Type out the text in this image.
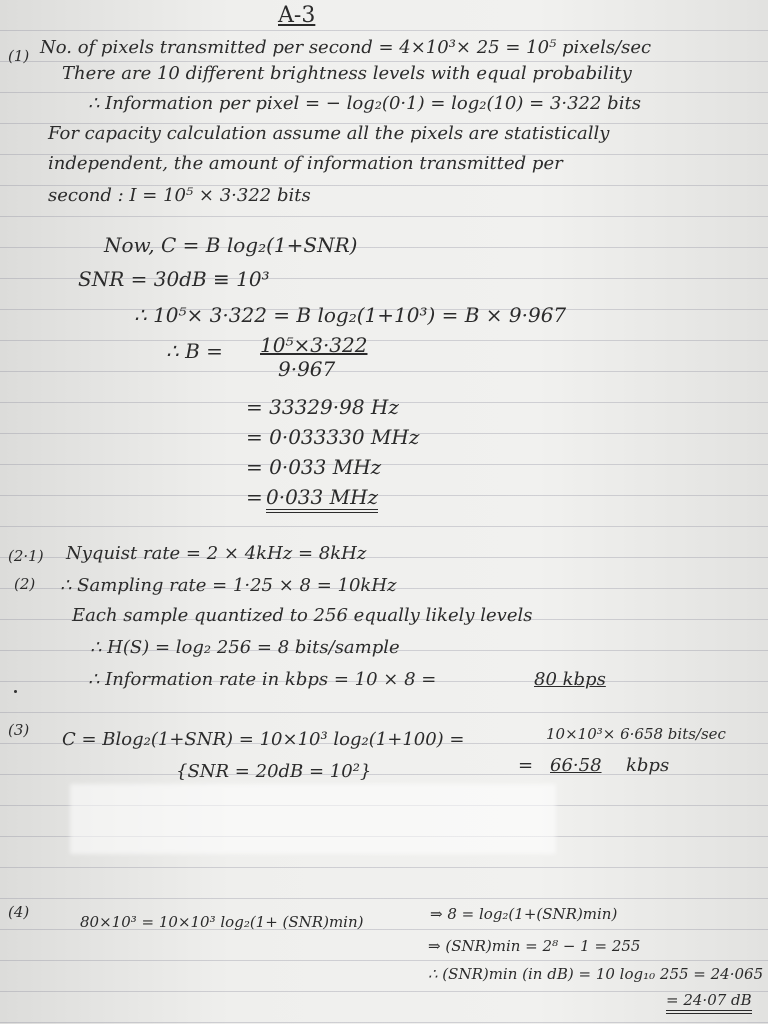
A-3
(1) No. of pixels transmitted per second = 4×10³× 25 = 10⁵ pixels/sec
There are 10 different brightness levels with equal probability
∴ Information per pixel = − log₂(0·1) = log₂(10) = 3·322 bits
For capacity calculation assume all the pixels are statistically
independent, the amount of information transmitted per
second : I = 10⁵ × 3·322 bits
Now, C = B log₂(1+SNR)
SNR = 30dB ≡ 10³
∴ 10⁵× 3·322 = B log₂(1+10³) = B × 9·967
∴ B = 10⁵×3·322
9·967
= 33329·98 Hz
= 0·033330 MHz
= 0·033 MHz
= 0·033 MHz
(2·1) Nyquist rate = 2 × 4kHz = 8kHz
(2) ∴ Sampling rate = 1·25 × 8 = 10kHz
Each sample quantized to 256 equally likely levels
∴ H(S) = log₂ 256 = 8 bits/sample
∴ Information rate in kbps = 10 × 8 =	80 kbps
(3) C = Blog₂(1+SNR) = 10×10³ log₂(1+100) =	10×10³× 6·658 bits/sec
{SNR = 20dB = 10²}	= 66·58 kbps
(4)
80×10³ = 10×10³ log₂(1+ (SNR)min)	⇒ 8 = log₂(1+(SNR)min)
⇒ (SNR)min = 2⁸ − 1 = 255
∴ (SNR)min (in dB) = 10 log₁₀ 255 = 24·065
= 24·07 dB
